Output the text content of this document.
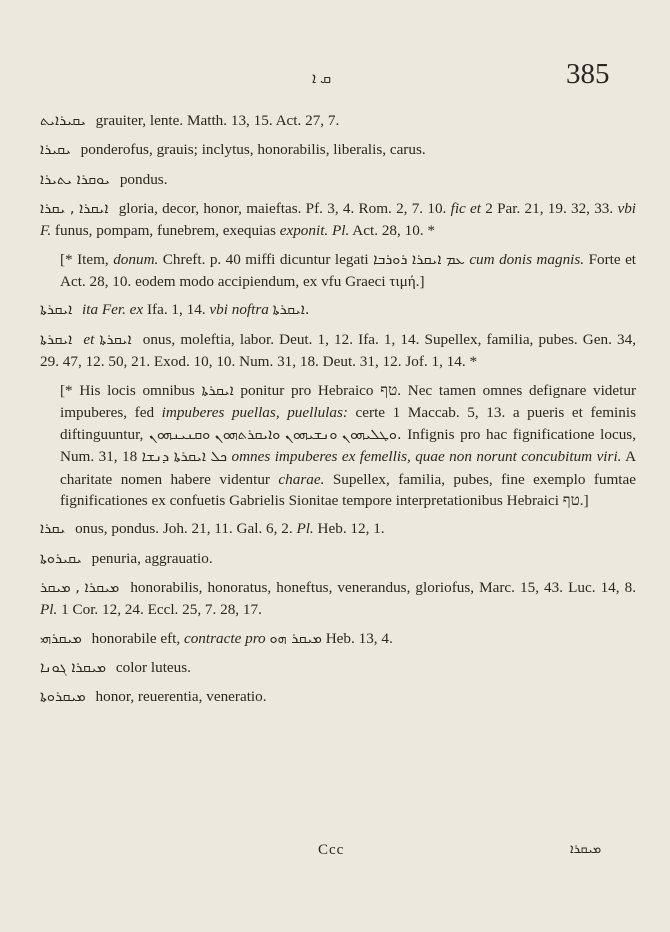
ܩ ܐ	385

ܝܩܝܪܐܝܬ grauiter, lente. Matth. 13, 15. Act. 27, 7.

ܝܩܝܪܐ ponderofus, grauis; inclytus, honorabilis, liberalis, carus.

ܝܘܩܪܐ ܝܬܝܪܐ pondus.

ܐܝܩܪܐ , ܝܩܪܐ gloria, decor, honor, maieftas. Pf. 3, 4. Rom. 2, 7. 10. fic et 2 Par. 21, 19. 32, 33. vbi F. funus, pompam, funebrem, exequias exponit. Pl. Act. 28, 10. *

[* Item, donum. Chreft. p. 40 miffi dicuntur legati ܥܡ ܐܝܩܪܐ ܪܘܪܒܐ cum donis magnis. Forte et Act. 28, 10. eodem modo accipiendum, ex vfu Graeci τιμή.]

ܐܝܩܪܬܐ ita Fer. ex Ifa. 1, 14. vbi noftra ܐܝܩܪܬܐ.

ܐܝܩܪܬܐ et ܐܝܩܪܬܐ onus, moleftia, labor. Deut. 1, 12. Ifa. 1, 14. Supellex, familia, pubes. Gen. 34, 29. 47, 12. 50, 21. Exod. 10, 10. Num. 31, 18. Deut. 31, 12. Jof. 1, 14. *

[* His locis omnibus ܐܝܩܪܬܐ ponitur pro Hebraico טף. Nec tamen omnes defignare videtur impuberes, fed impuberes puellas, puellulas: certe 1 Maccab. 5, 13. a pueris et feminis diftinguuntur, ܘܛܠܝܗܘܢ ܘܢܫܝܗܘܢ ܘܐܝܩܪܬܗܘܢ ܘܩܢܝܢܗܘܢ. Infignis pro hac fignificatione locus, Num. 31, 18 ܟܠ ܐܝܩܪܬܐ ܕܢܫܐ omnes impuberes ex femellis, quae non norunt concubitum viri. A charitate nomen habere videntur charae. Supellex, familia, pubes, fine exemplo fumtae fignificationes ex confuetis Gabrielis Sionitae tempore interpretationibus Hebraici טף.]

ܝܩܪܐ onus, pondus. Joh. 21, 11. Gal. 6, 2. Pl. Heb. 12, 1.

ܝܩܝܪܘܬܐ penuria, aggrauatio.

ܡܝܩܪܐ , ܡܝܩܪ honorabilis, honoratus, honeftus, venerandus, gloriofus, Marc. 15, 43. Luc. 14, 8. Pl. 1 Cor. 12, 24. Eccl. 25, 7. 28, 17.

ܡܝܩܪܗܝ honorabile eft, contracte pro ܡܝܩܪ ܗܘ Heb. 13, 4.

ܡܝܩܪܐ ܓܘܢܐ color luteus.

ܡܝܩܪܘܬܐ honor, reuerentia, veneratio.

Ccc	ܡܝܩܪܐ
